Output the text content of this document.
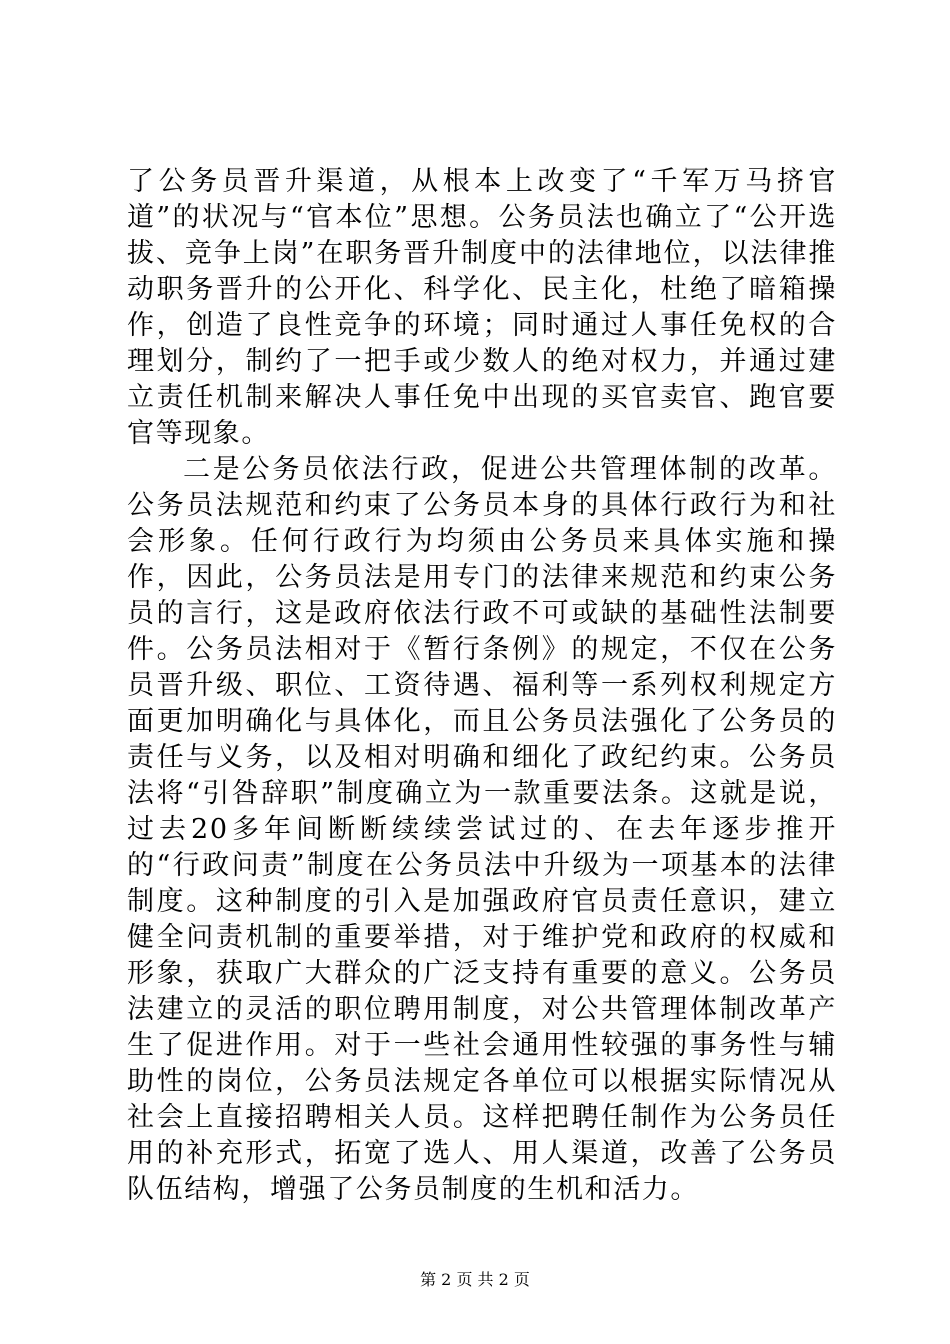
了公务员晋升渠道，从根本上改变了“千军万马挤官道”的状况与“官本位”思想。公务员法也确立了“公开选拔、竞争上岗”在职务晋升制度中的法律地位，以法律推动职务晋升的公开化、科学化、民主化，杜绝了暗箱操作，创造了良性竞争的环境；同时通过人事任免权的合理划分，制约了一把手或少数人的绝对权力，并通过建立责任机制来解决人事任免中出现的买官卖官、跑官要官等现象。

二是公务员依法行政，促进公共管理体制的改革。公务员法规范和约束了公务员本身的具体行政行为和社会形象。任何行政行为均须由公务员来具体实施和操作，因此，公务员法是用专门的法律来规范和约束公务员的言行，这是政府依法行政不可或缺的基础性法制要件。公务员法相对于《暂行条例》的规定，不仅在公务员晋升级、职位、工资待遇、福利等一系列权利规定方面更加明确化与具体化，而且公务员法强化了公务员的责任与义务，以及相对明确和细化了政纪约束。公务员法将“引咎辞职”制度确立为一款重要法条。这就是说，过去20多年间断断续续尝试过的、在去年逐步推开的“行政问责”制度在公务员法中升级为一项基本的法律制度。这种制度的引入是加强政府官员责任意识，建立健全问责机制的重要举措，对于维护党和政府的权威和形象，获取广大群众的广泛支持有重要的意义。公务员法建立的灵活的职位聘用制度，对公共管理体制改革产生了促进作用。对于一些社会通用性较强的事务性与辅助性的岗位，公务员法规定各单位可以根据实际情况从社会上直接招聘相关人员。这样把聘任制作为公务员任用的补充形式，拓宽了选人、用人渠道，改善了公务员队伍结构，增强了公务员制度的生机和活力。

第 2 页 共 2 页
